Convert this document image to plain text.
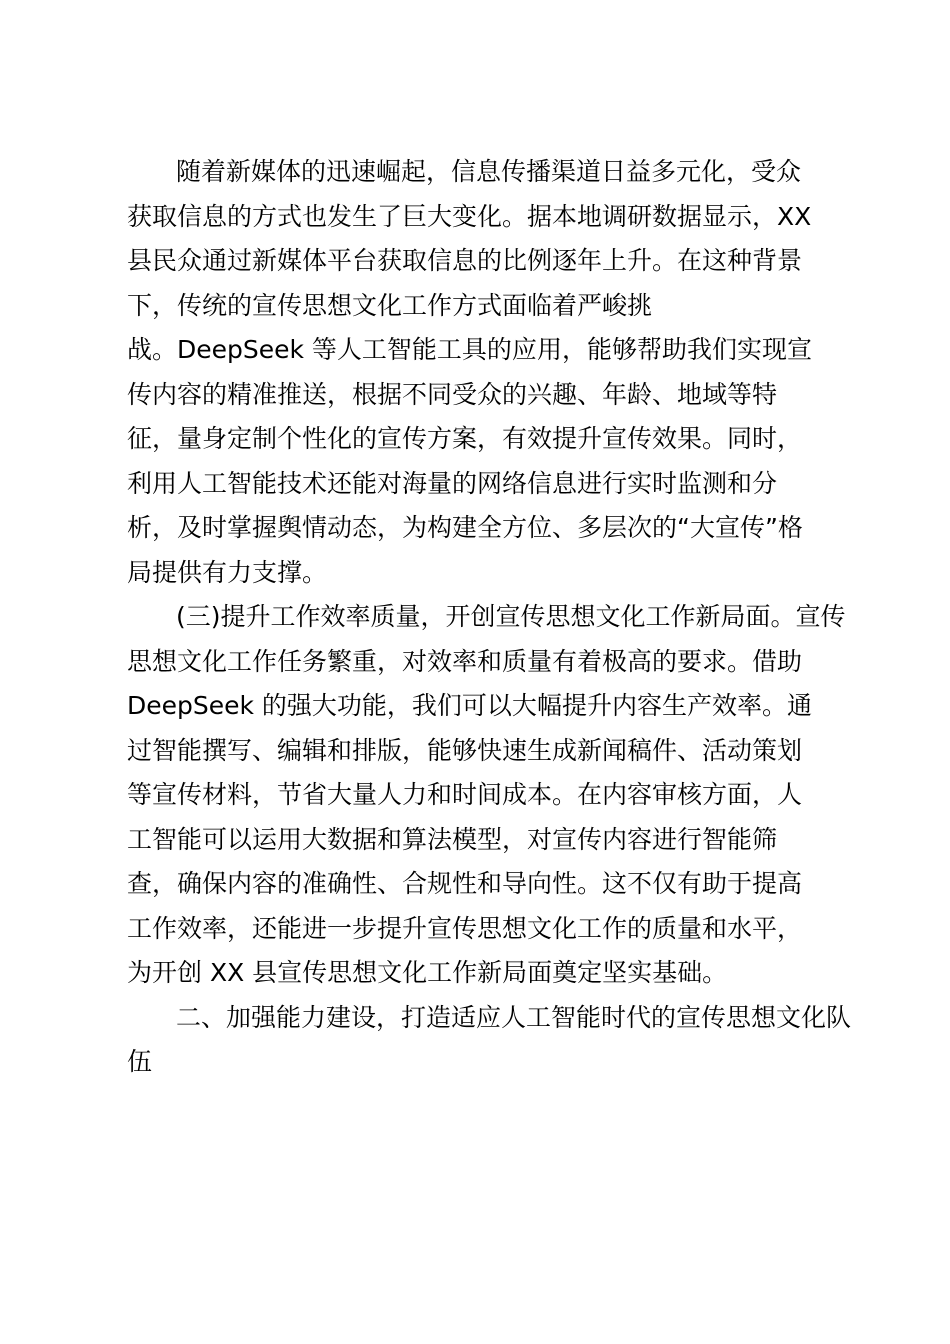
随着新媒体的迅速崛起，信息传播渠道日益多元化，受众
获取信息的方式也发生了巨大变化。据本地调研数据显示，XX
县民众通过新媒体平台获取信息的比例逐年上升。在这种背景
下，传统的宣传思想文化工作方式面临着严峻挑
战。DeepSeek 等人工智能工具的应用，能够帮助我们实现宣
传内容的精准推送，根据不同受众的兴趣、年龄、地域等特
征，量身定制个性化的宣传方案，有效提升宣传效果。同时，
利用人工智能技术还能对海量的网络信息进行实时监测和分
析，及时掌握舆情动态，为构建全方位、多层次的“大宣传”格
局提供有力支撑。
(三)提升工作效率质量，开创宣传思想文化工作新局面。宣传
思想文化工作任务繁重，对效率和质量有着极高的要求。借助
DeepSeek 的强大功能，我们可以大幅提升内容生产效率。通
过智能撰写、编辑和排版，能够快速生成新闻稿件、活动策划
等宣传材料，节省大量人力和时间成本。在内容审核方面，人
工智能可以运用大数据和算法模型，对宣传内容进行智能筛
查，确保内容的准确性、合规性和导向性。这不仅有助于提高
工作效率，还能进一步提升宣传思想文化工作的质量和水平，
为开创 XX 县宣传思想文化工作新局面奠定坚实基础。
二、加强能力建设，打造适应人工智能时代的宣传思想文化队
伍
